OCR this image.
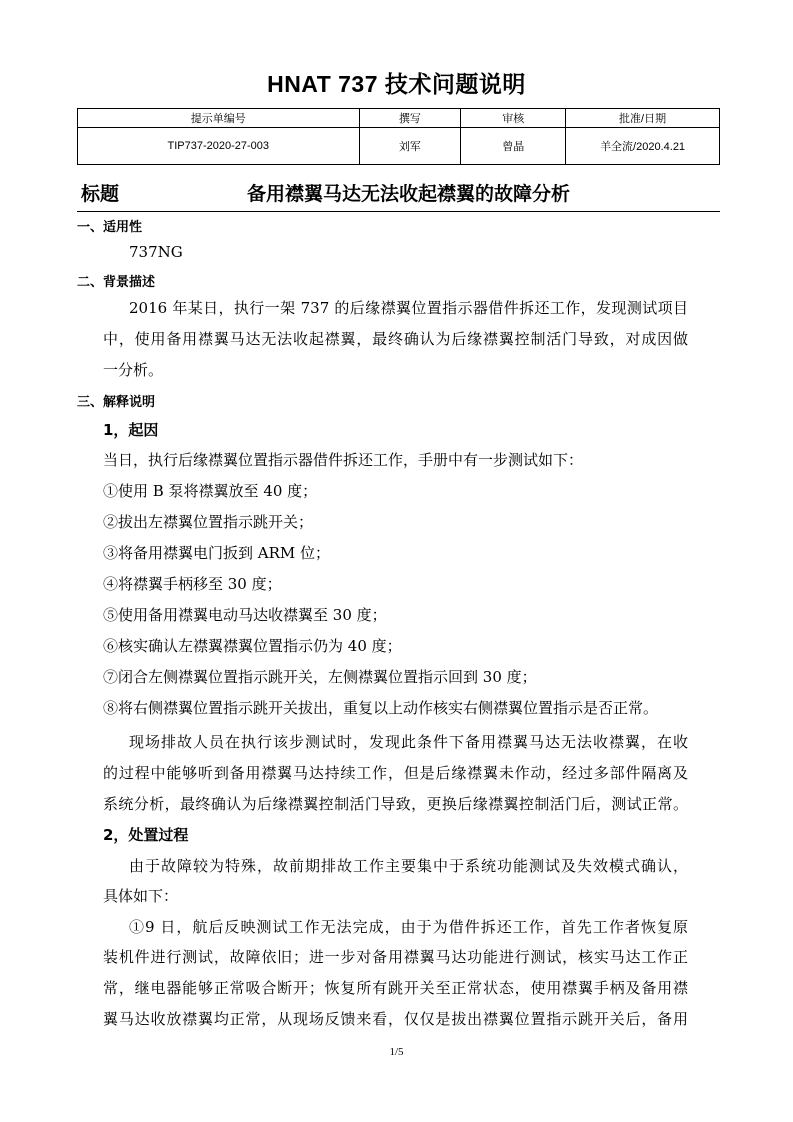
HNAT 737 技术问题说明
提示单编号	撰写	审核	批准/日期
TIP737-2020-27-003	刘军	曾晶	羊全流/2020.4.21
标题	备用襟翼马达无法收起襟翼的故障分析
一、适用性
737NG
二、背景描述
2016 年某日，执行一架 737 的后缘襟翼位置指示器借件拆还工作，发现测试项目
中，使用备用襟翼马达无法收起襟翼，最终确认为后缘襟翼控制活门导致，对成因做
一分析。
三、解释说明
1，起因
当日，执行后缘襟翼位置指示器借件拆还工作，手册中有一步测试如下：
①使用 B 泵将襟翼放至 40 度；
②拔出左襟翼位置指示跳开关；
③将备用襟翼电门扳到 ARM 位；
④将襟翼手柄移至 30 度；
⑤使用备用襟翼电动马达收襟翼至 30 度；
⑥核实确认左襟翼襟翼位置指示仍为 40 度；
⑦闭合左侧襟翼位置指示跳开关，左侧襟翼位置指示回到 30 度；
⑧将右侧襟翼位置指示跳开关拔出，重复以上动作核实右侧襟翼位置指示是否正常。
现场排故人员在执行该步测试时，发现此条件下备用襟翼马达无法收襟翼，在收
的过程中能够听到备用襟翼马达持续工作，但是后缘襟翼未作动，经过多部件隔离及
系统分析，最终确认为后缘襟翼控制活门导致，更换后缘襟翼控制活门后，测试正常。
2，处置过程
由于故障较为特殊，故前期排故工作主要集中于系统功能测试及失效模式确认，
具体如下：
①9 日，航后反映测试工作无法完成，由于为借件拆还工作，首先工作者恢复原
装机件进行测试，故障依旧；进一步对备用襟翼马达功能进行测试，核实马达工作正
常，继电器能够正常吸合断开；恢复所有跳开关至正常状态，使用襟翼手柄及备用襟
翼马达收放襟翼均正常，从现场反馈来看，仅仅是拔出襟翼位置指示跳开关后，备用
1/5
